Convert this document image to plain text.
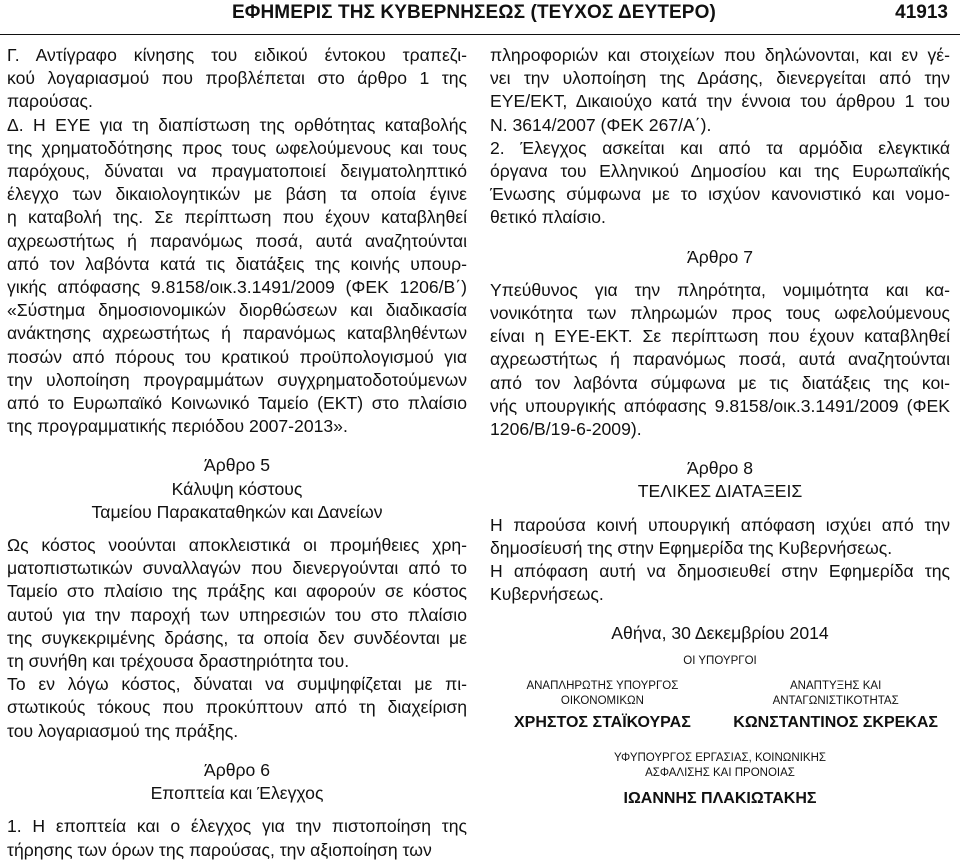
ΕΦΗΜΕΡΙΣ ΤΗΣ ΚΥΒΕΡΝΗΣΕΩΣ (ΤΕΥΧΟΣ ΔΕΥΤΕΡΟ)	41913

Γ. Αντίγραφο κίνησης του ειδικού έντοκου τραπεζι-
κού λογαριασμού που προβλέπεται στο άρθρο 1 της
παρούσας.

Δ. Η ΕΥΕ για τη διαπίστωση της ορθότητας καταβολής
της χρηματοδότησης προς τους ωφελούμενους και τους
παρόχους, δύναται να πραγματοποιεί δειγματοληπτικό
έλεγχο των δικαιολογητικών με βάση τα οποία έγινε
η καταβολή της. Σε περίπτωση που έχουν καταβληθεί
αχρεωστήτως ή παρανόμως ποσά, αυτά αναζητούνται
από τον λαβόντα κατά τις διατάξεις της κοινής υπουρ-
γικής απόφασης 9.8158/οικ.3.1491/2009 (ΦΕΚ 1206/Β΄)
«Σύστημα δημοσιονομικών διορθώσεων και διαδικασία
ανάκτησης αχρεωστήτως ή παρανόμως καταβληθέντων
ποσών από πόρους του κρατικού προϋπολογισμού για
την υλοποίηση προγραμμάτων συγχρηματοδοτούμενων
από το Ευρωπαϊκό Κοινωνικό Ταμείο (ΕΚΤ) στο πλαίσιο
της προγραμματικής περιόδου 2007-2013».

Άρθρο 5

Κάλυψη κόστους

Ταμείου Παρακαταθηκών και Δανείων

Ως κόστος νοούνται αποκλειστικά οι προμήθειες χρη-
ματοπιστωτικών συναλλαγών που διενεργούνται από το
Ταμείο στο πλαίσιο της πράξης και αφορούν σε κόστος
αυτού για την παροχή των υπηρεσιών του στο πλαίσιο
της συγκεκριμένης δράσης, τα οποία δεν συνδέονται με
τη συνήθη και τρέχουσα δραστηριότητα του.

Το εν λόγω κόστος, δύναται να συμψηφίζεται με πι-
στωτικούς τόκους που προκύπτουν από τη διαχείριση
του λογαριασμού της πράξης.

Άρθρο 6

Εποπτεία και Έλεγχος

1. Η εποπτεία και ο έλεγχος για την πιστοποίηση της
τήρησης των όρων της παρούσας, την αξιοποίηση των

πληροφοριών και στοιχείων που δηλώνονται, και εν γέ-
νει την υλοποίηση της Δράσης, διενεργείται από την
ΕΥΕ/ΕΚΤ, Δικαιούχο κατά την έννοια του άρθρου 1 του
Ν. 3614/2007 (ΦΕΚ 267/Α΄).

2. Έλεγχος ασκείται και από τα αρμόδια ελεγκτικά
όργανα του Ελληνικού Δημοσίου και της Ευρωπαϊκής
Ένωσης σύμφωνα με το ισχύον κανονιστικό και νομο-
θετικό πλαίσιο.

Άρθρο 7

Υπεύθυνος για την πληρότητα, νομιμότητα και κα-
νονικότητα των πληρωμών προς τους ωφελούμενους
είναι η ΕΥΕ-ΕΚΤ. Σε περίπτωση που έχουν καταβληθεί
αχρεωστήτως ή παρανόμως ποσά, αυτά αναζητούνται
από τον λαβόντα σύμφωνα με τις διατάξεις της κοι-
νής υπουργικής απόφασης 9.8158/οικ.3.1491/2009 (ΦΕΚ
1206/Β/19-6-2009).

Άρθρο 8

ΤΕΛΙΚΕΣ ΔΙΑΤΑΞΕΙΣ

Η παρούσα κοινή υπουργική απόφαση ισχύει από την
δημοσίευσή της στην Εφημερίδα της Κυβερνήσεως.

Η απόφαση αυτή να δημοσιευθεί στην Εφημερίδα της
Κυβερνήσεως.

Αθήνα, 30 Δεκεμβρίου 2014

ΟΙ ΥΠΟΥΡΓΟΙ

ΑΝΑΠΛΗΡΩΤΗΣ ΥΠΟΥΡΓΟΣ
ΟΙΚΟΝΟΜΙΚΩΝ
ΧΡΗΣΤΟΣ ΣΤΑΪΚΟΥΡΑΣ
ΑΝΑΠΤΥΞΗΣ ΚΑΙ
ΑΝΤΑΓΩΝΙΣΤΙΚΟΤΗΤΑΣ
ΚΩΝΣΤΑΝΤΙΝΟΣ ΣΚΡΕΚΑΣ
ΥΦΥΠΟΥΡΓΟΣ ΕΡΓΑΣΙΑΣ, ΚΟΙΝΩΝΙΚΗΣ
ΑΣΦΑΛΙΣΗΣ ΚΑΙ ΠΡΟΝΟΙΑΣ
ΙΩΑΝΝΗΣ ΠΛΑΚΙΩΤΑΚΗΣ
